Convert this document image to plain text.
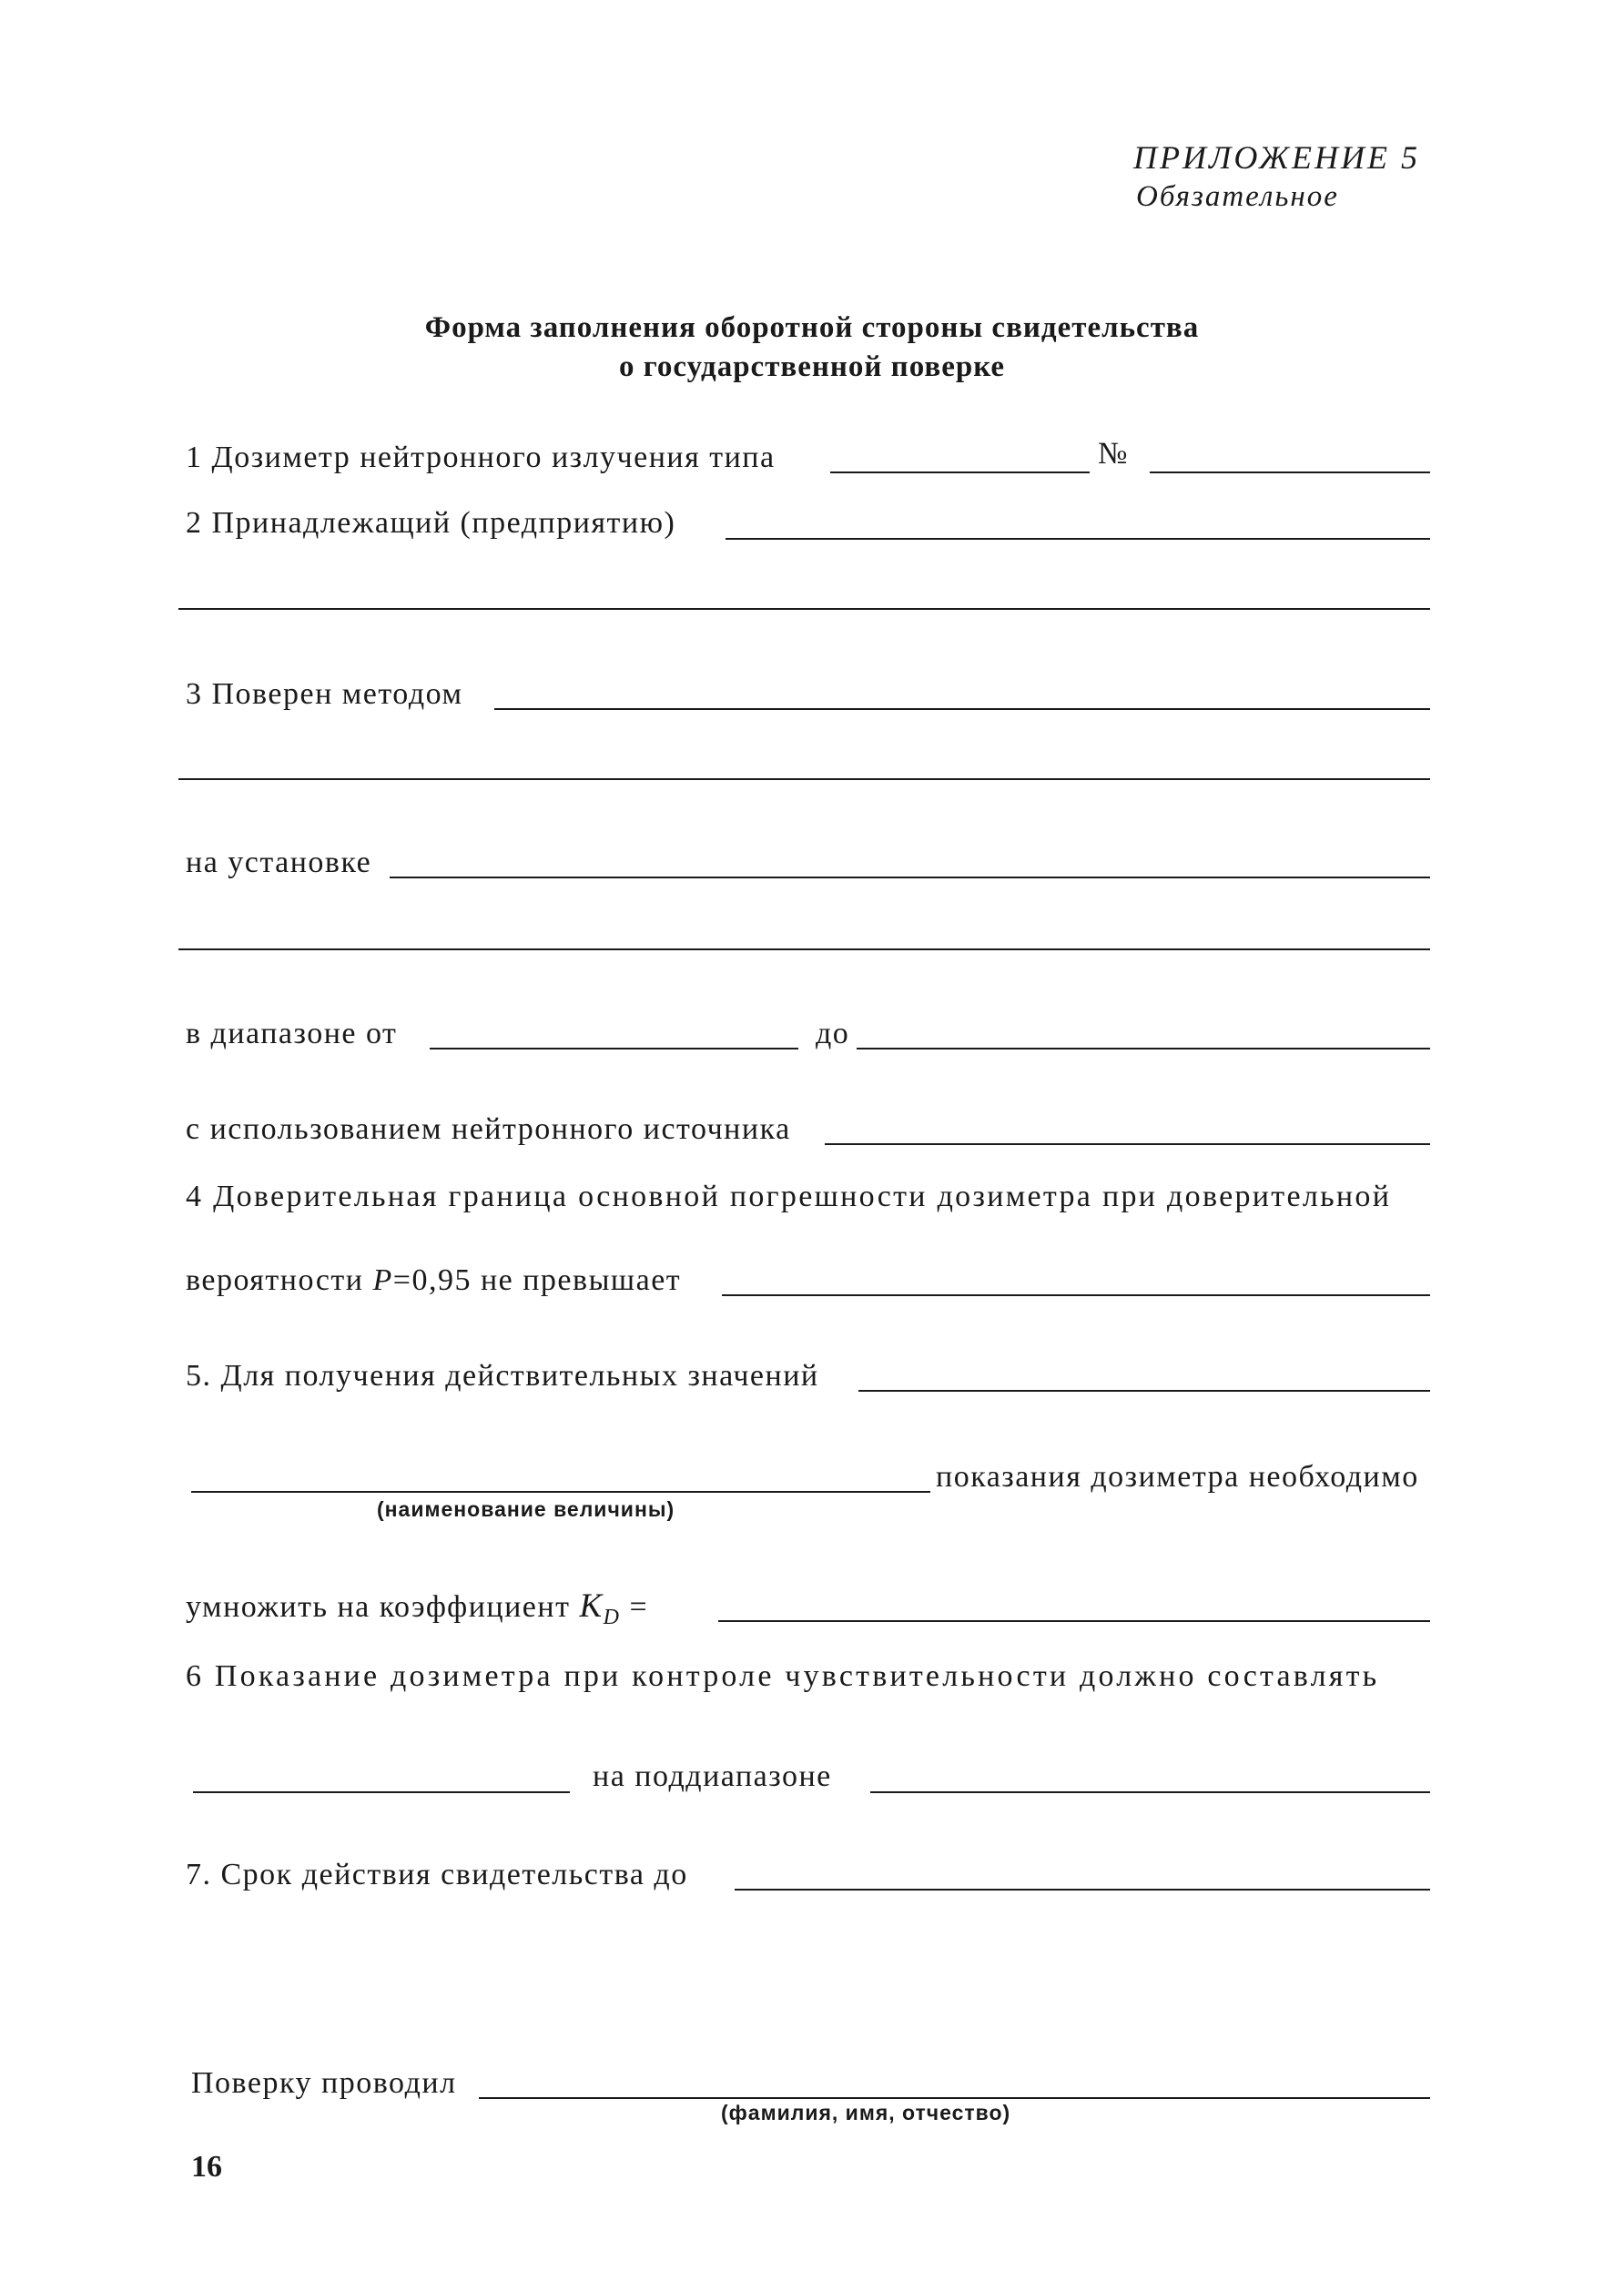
ПРИЛОЖЕНИЕ 5
Обязательное
Форма заполнения оборотной стороны свидетельства
о государственной поверке
1 Дозиметр нейтронного излучения типа	№
2 Принадлежащий (предприятию)
3 Поверен методом
на установке
в диапазоне от	до
с использованием нейтронного источника
4 Доверительная граница основной погрешности дозиметра при доверительной
вероятности P=0,95 не превышает
5. Для получения действительных значений
показания дозиметра необходимо
(наименование величины)
умножить на коэффициент $K_D$ =
6 Показание дозиметра при контроле чувствительности должно составлять
на поддиапазоне
7. Срок действия свидетельства до
Поверку проводил
(фамилия, имя, отчество)
16
